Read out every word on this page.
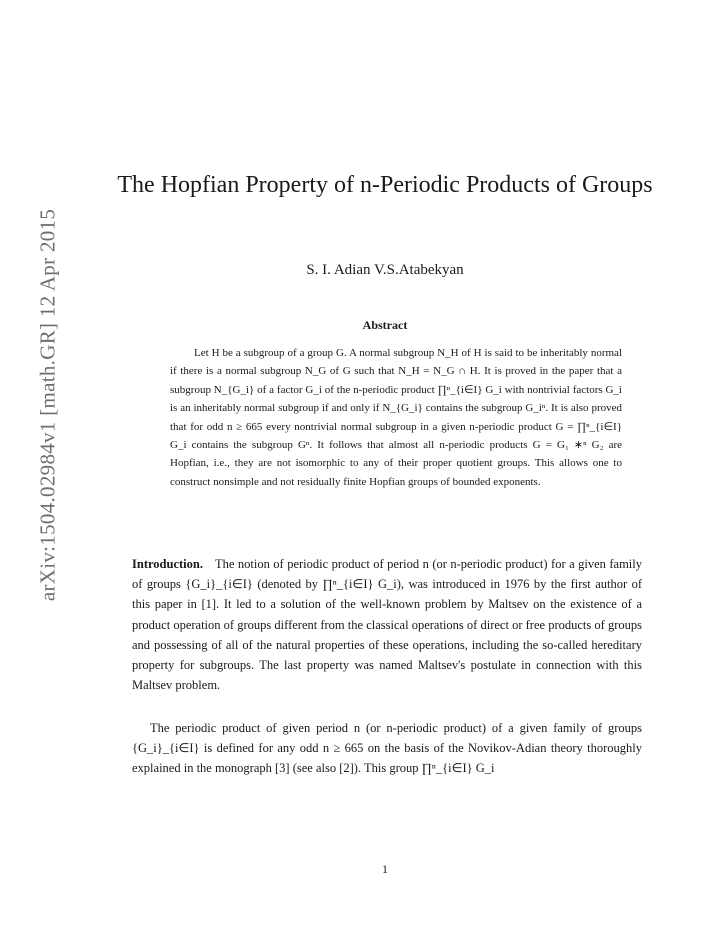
arXiv:1504.02984v1 [math.GR] 12 Apr 2015
The Hopfian Property of n-Periodic Products of Groups
S. I. Adian V.S.Atabekyan
Abstract

Let H be a subgroup of a group G. A normal subgroup N_H of H is said to be inheritably normal if there is a normal subgroup N_G of G such that N_H = N_G ∩ H. It is proved in the paper that a subgroup N_{G_i} of a factor G_i of the n-periodic product ∏ⁿ_{i∈I} G_i with nontrivial factors G_i is an inheritably normal subgroup if and only if N_{G_i} contains the subgroup G_iⁿ. It is also proved that for odd n ≥ 665 every nontrivial normal subgroup in a given n-periodic product G = ∏ⁿ_{i∈I} G_i contains the subgroup Gⁿ. It follows that almost all n-periodic products G = G₁ ∗ⁿ G₂ are Hopfian, i.e., they are not isomorphic to any of their proper quotient groups. This allows one to construct nonsimple and not residually finite Hopfian groups of bounded exponents.

Introduction. The notion of periodic product of period n (or n-periodic product) for a given family of groups {G_i}_{i∈I} (denoted by ∏ⁿ_{i∈I} G_i), was introduced in 1976 by the first author of this paper in [1]. It led to a solution of the well-known problem by Maltsev on the existence of a product operation of groups different from the classical operations of direct or free products of groups and possessing of all of the natural properties of these operations, including the so-called hereditary property for subgroups. The last property was named Maltsev's postulate in connection with this Maltsev problem.

The periodic product of given period n (or n-periodic product) of a given family of groups {G_i}_{i∈I} is defined for any odd n ≥ 665 on the basis of the Novikov-Adian theory thoroughly explained in the monograph [3] (see also [2]). This group ∏ⁿ_{i∈I} G_i

1
